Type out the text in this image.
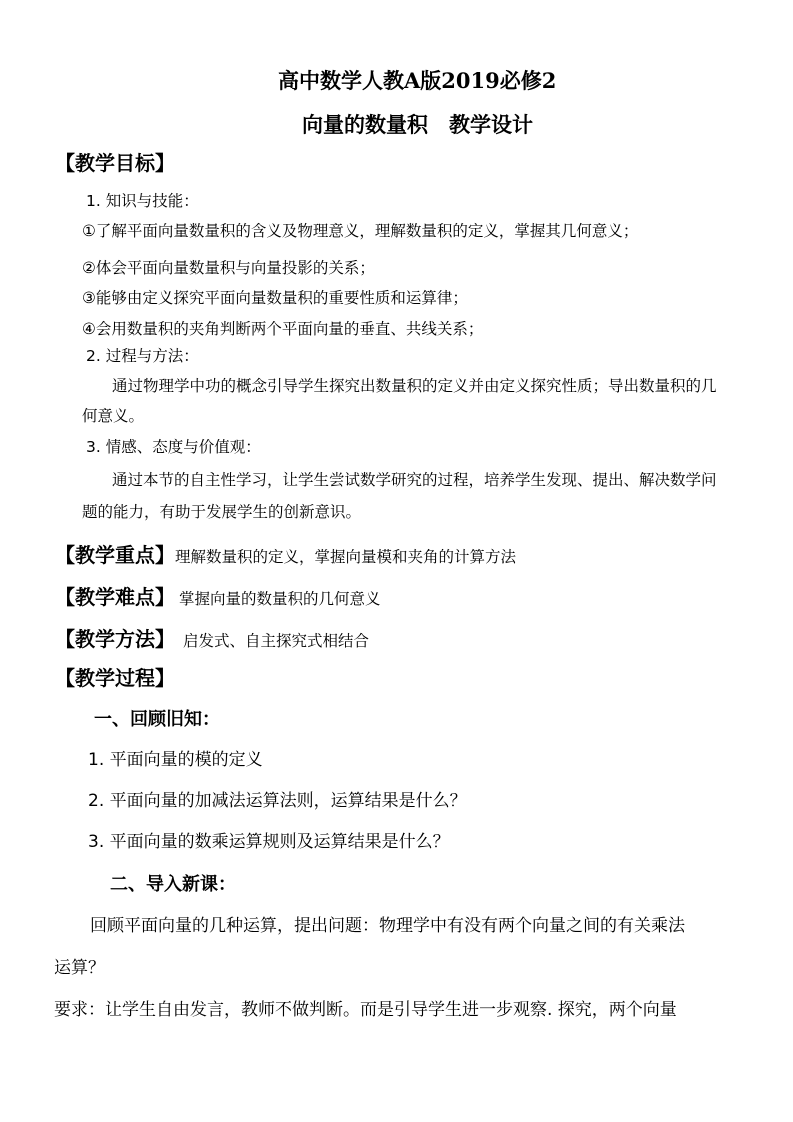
高中数学人教A版2019必修2
向量的数量积　教学设计
【教学目标】
1. 知识与技能：
①了解平面向量数量积的含义及物理意义，理解数量积的定义，掌握其几何意义；
②体会平面向量数量积与向量投影的关系；
③能够由定义探究平面向量数量积的重要性质和运算律；
④会用数量积的夹角判断两个平面向量的垂直、共线关系；
2. 过程与方法：
通过物理学中功的概念引导学生探究出数量积的定义并由定义探究性质；导出数量积的几
何意义。
3. 情感、态度与价值观：
通过本节的自主性学习，让学生尝试数学研究的过程，培养学生发现、提出、解决数学问
题的能力，有助于发展学生的创新意识。
【教学重点】理解数量积的定义，掌握向量模和夹角的计算方法
【教学难点】 掌握向量的数量积的几何意义
【教学方法】 启发式、自主探究式相结合
【教学过程】
一、回顾旧知：
1. 平面向量的模的定义
2. 平面向量的加减法运算法则，运算结果是什么？
3. 平面向量的数乘运算规则及运算结果是什么？
二、导入新课：
回顾平面向量的几种运算，提出问题：物理学中有没有两个向量之间的有关乘法
运算？
要求：让学生自由发言，教师不做判断。而是引导学生进一步观察. 探究，两个向量
